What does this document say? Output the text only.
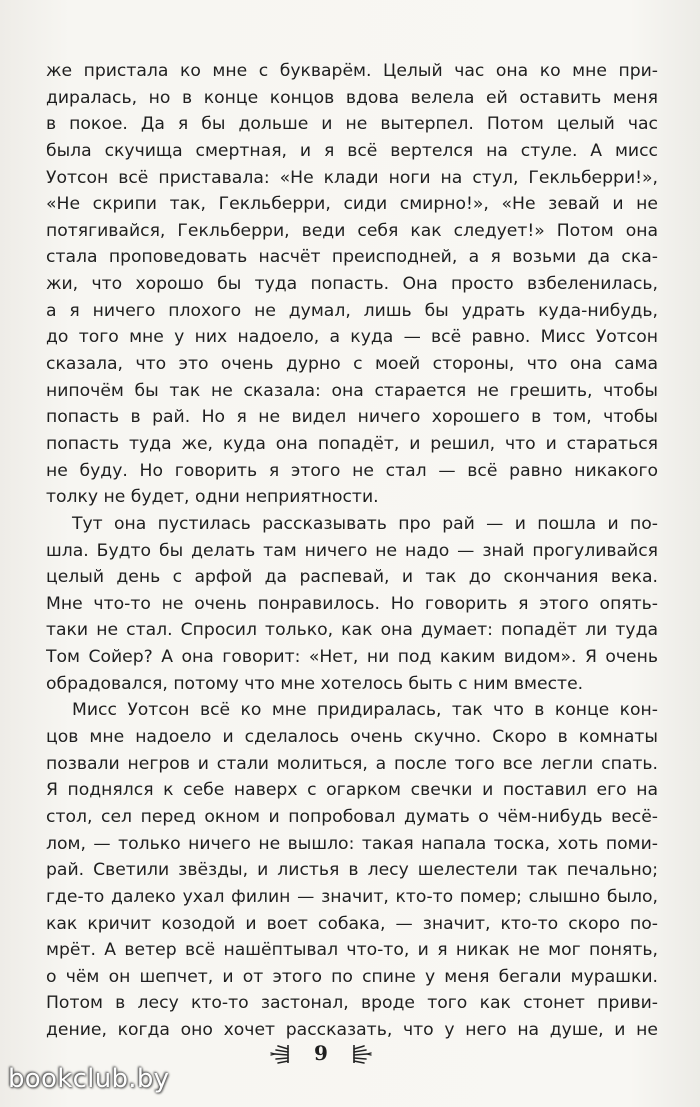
же пристала ко мне с букварём. Целый час она ко мне при-
диралась, но в конце концов вдова велела ей оставить меня
в покое. Да я бы дольше и не вытерпел. Потом целый час
была скучища смертная, и я всё вертелся на стуле. А мисс
Уотсон всё приставала: «Не клади ноги на стул, Гекльберри!»,
«Не скрипи так, Гекльберри, сиди смирно!», «Не зевай и не
потягивайся, Гекльберри, веди себя как следует!» Потом она
стала проповедовать насчёт преисподней, а я возьми да ска-
жи, что хорошо бы туда попасть. Она просто взбеленилась,
а я ничего плохого не думал, лишь бы удрать куда-нибудь,
до того мне у них надоело, а куда — всё равно. Мисс Уотсон
сказала, что это очень дурно с моей стороны, что она сама
нипочём бы так не сказала: она старается не грешить, чтобы
попасть в рай. Но я не видел ничего хорошего в том, чтобы
попасть туда же, куда она попадёт, и решил, что и стараться
не буду. Но говорить я этого не стал — всё равно никакого
толку не будет, одни неприятности.
Тут она пустилась рассказывать про рай — и пошла и по-
шла. Будто бы делать там ничего не надо — знай прогуливайся
целый день с арфой да распевай, и так до скончания века.
Мне что-то не очень понравилось. Но говорить я этого опять-
таки не стал. Спросил только, как она думает: попадёт ли туда
Том Сойер? А она говорит: «Нет, ни под каким видом». Я очень
обрадовался, потому что мне хотелось быть с ним вместе.
Мисс Уотсон всё ко мне придиралась, так что в конце кон-
цов мне надоело и сделалось очень скучно. Скоро в комнаты
позвали негров и стали молиться, а после того все легли спать.
Я поднялся к себе наверх с огарком свечки и поставил его на
стол, сел перед окном и попробовал думать о чём-нибудь весё-
лом, — только ничего не вышло: такая напала тоска, хоть поми-
рай. Светили звёзды, и листья в лесу шелестели так печально;
где-то далеко ухал филин — значит, кто-то помер; слышно было,
как кричит козодой и воет собака, — значит, кто-то скоро по-
мрёт. А ветер всё нашёптывал что-то, и я никак не мог понять,
о чём он шепчет, и от этого по спине у меня бегали мурашки.
Потом в лесу кто-то застонал, вроде того как стонет приви-
дение, когда оно хочет рассказать, что у него на душе, и не
9
bookclub.by
